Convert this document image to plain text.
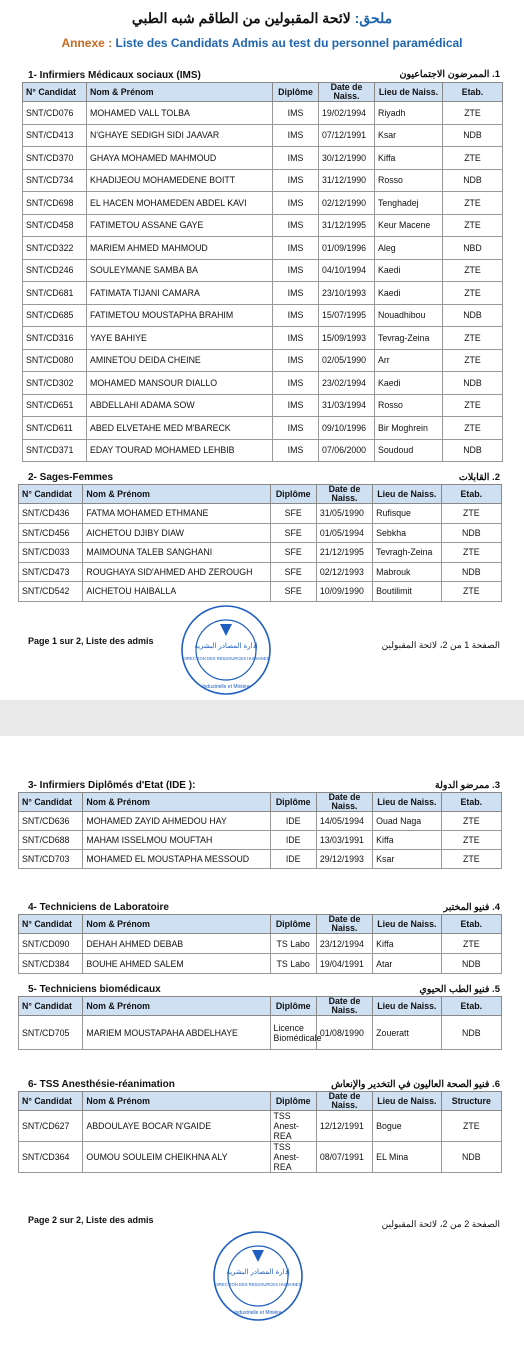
ملحق: لائحة المقبولين من الطاقم شبه الطبي
Annexe : Liste des Candidats Admis au test du personnel paramédical
1- Infirmiers Médicaux sociaux (IMS)	1. الممرضون الاجتماعيون
N° Candidat	Nom & Prénom	Diplôme	Date de Naiss.	Lieu de Naiss.	Etab.
SNT/CD076	MOHAMED VALL TOLBA	IMS	19/02/1994	Riyadh	ZTE
SNT/CD413	N'GHAYE SEDIGH SIDI JAAVAR	IMS	07/12/1991	Ksar	NDB
SNT/CD370	GHAYA MOHAMED MAHMOUD	IMS	30/12/1990	Kiffa	ZTE
SNT/CD734	KHADIJEOU MOHAMEDENE BOITT	IMS	31/12/1990	Rosso	NDB
SNT/CD698	EL HACEN MOHAMEDEN ABDEL KAVI	IMS	02/12/1990	Tenghadej	ZTE
SNT/CD458	FATIMETOU ASSANE GAYE	IMS	31/12/1995	Keur Macene	ZTE
SNT/CD322	MARIEM AHMED MAHMOUD	IMS	01/09/1996	Aleg	NBD
SNT/CD246	SOULEYMANE SAMBA BA	IMS	04/10/1994	Kaedi	ZTE
SNT/CD681	FATIMATA TIJANI CAMARA	IMS	23/10/1993	Kaedi	ZTE
SNT/CD685	FATIMETOU MOUSTAPHA BRAHIM	IMS	15/07/1995	Nouadhibou	NDB
SNT/CD316	YAYE BAHIYE	IMS	15/09/1993	Tevrag-Zeina	ZTE
SNT/CD080	AMINETOU DEIDA CHEINE	IMS	02/05/1990	Arr	ZTE
SNT/CD302	MOHAMED MANSOUR DIALLO	IMS	23/02/1994	Kaedi	NDB
SNT/CD651	ABDELLAHI ADAMA SOW	IMS	31/03/1994	Rosso	ZTE
SNT/CD611	ABED ELVETAHE MED M'BARECK	IMS	09/10/1996	Bir Moghrein	ZTE
SNT/CD371	EDAY TOURAD MOHAMED LEHBIB	IMS	07/06/2000	Soudoud	NDB
2- Sages-Femmes	2. القابلات
N° Candidat	Nom & Prénom	Diplôme	Date de Naiss.	Lieu de Naiss.	Etab.
SNT/CD436	FATMA MOHAMED ETHMANE	SFE	31/05/1990	Rufisque	ZTE
SNT/CD456	AICHETOU DJIBY DIAW	SFE	01/05/1994	Sebkha	NDB
SNT/CD033	MAIMOUNA TALEB SANGHANI	SFE	21/12/1995	Tevragh-Zeina	ZTE
SNT/CD473	ROUGHAYA SID'AHMED AHD ZEROUGH	SFE	02/12/1993	Mabrouk	NDB
SNT/CD542	AICHETOU HAIBALLA	SFE	10/09/1990	Boutilimit	ZTE
Page 1 sur 2, Liste des admis	الصفحة 1 من 2، لائحة المقبولين
إدارة المصادر البشرية
DIRECTION DES RESSOURCES HUMAINES
Industrielle et Minière
3- Infirmiers Diplômés d'Etat (IDE ):	3. ممرضو الدولة
N° Candidat	Nom & Prénom	Diplôme	Date de Naiss.	Lieu de Naiss.	Etab.
SNT/CD636	MOHAMED ZAYID AHMEDOU HAY	IDE	14/05/1994	Ouad Naga	ZTE
SNT/CD688	MAHAM ISSELMOU MOUFTAH	IDE	13/03/1991	Kiffa	ZTE
SNT/CD703	MOHAMED EL MOUSTAPHA MESSOUD	IDE	29/12/1993	Ksar	ZTE
4- Techniciens de Laboratoire	4. فنيو المختبر
N° Candidat	Nom & Prénom	Diplôme	Date de Naiss.	Lieu de Naiss.	Etab.
SNT/CD090	DEHAH AHMED DEBAB	TS Labo	23/12/1994	Kiffa	ZTE
SNT/CD384	BOUHE AHMED SALEM	TS Labo	19/04/1991	Atar	NDB
5- Techniciens biomédicaux	5. فنيو الطب الحيوي
N° Candidat	Nom & Prénom	Diplôme	Date de Naiss.	Lieu de Naiss.	Etab.
SNT/CD705	MARIEM MOUSTAPAHA ABDELHAYE	Licence Biomédicale	01/08/1990	Zoueratt	NDB
6- TSS Anesthésie-réanimation	6. فنيو الصحة العاليون في التخدير والإنعاش
N° Candidat	Nom & Prénom	Diplôme	Date de Naiss.	Lieu de Naiss.	Structure
SNT/CD627	ABDOULAYE BOCAR N'GAIDE	TSS Anest- REA	12/12/1991	Bogue	ZTE
SNT/CD364	OUMOU SOULEIM CHEIKHNA ALY	TSS Anest- REA	08/07/1991	EL Mina	NDB
Page 2 sur 2, Liste des admis	الصفحة 2 من 2، لائحة المقبولين
إدارة المصادر البشرية
DIRECTION DES RESSOURCES HUMAINES
Industrielle et Minière
